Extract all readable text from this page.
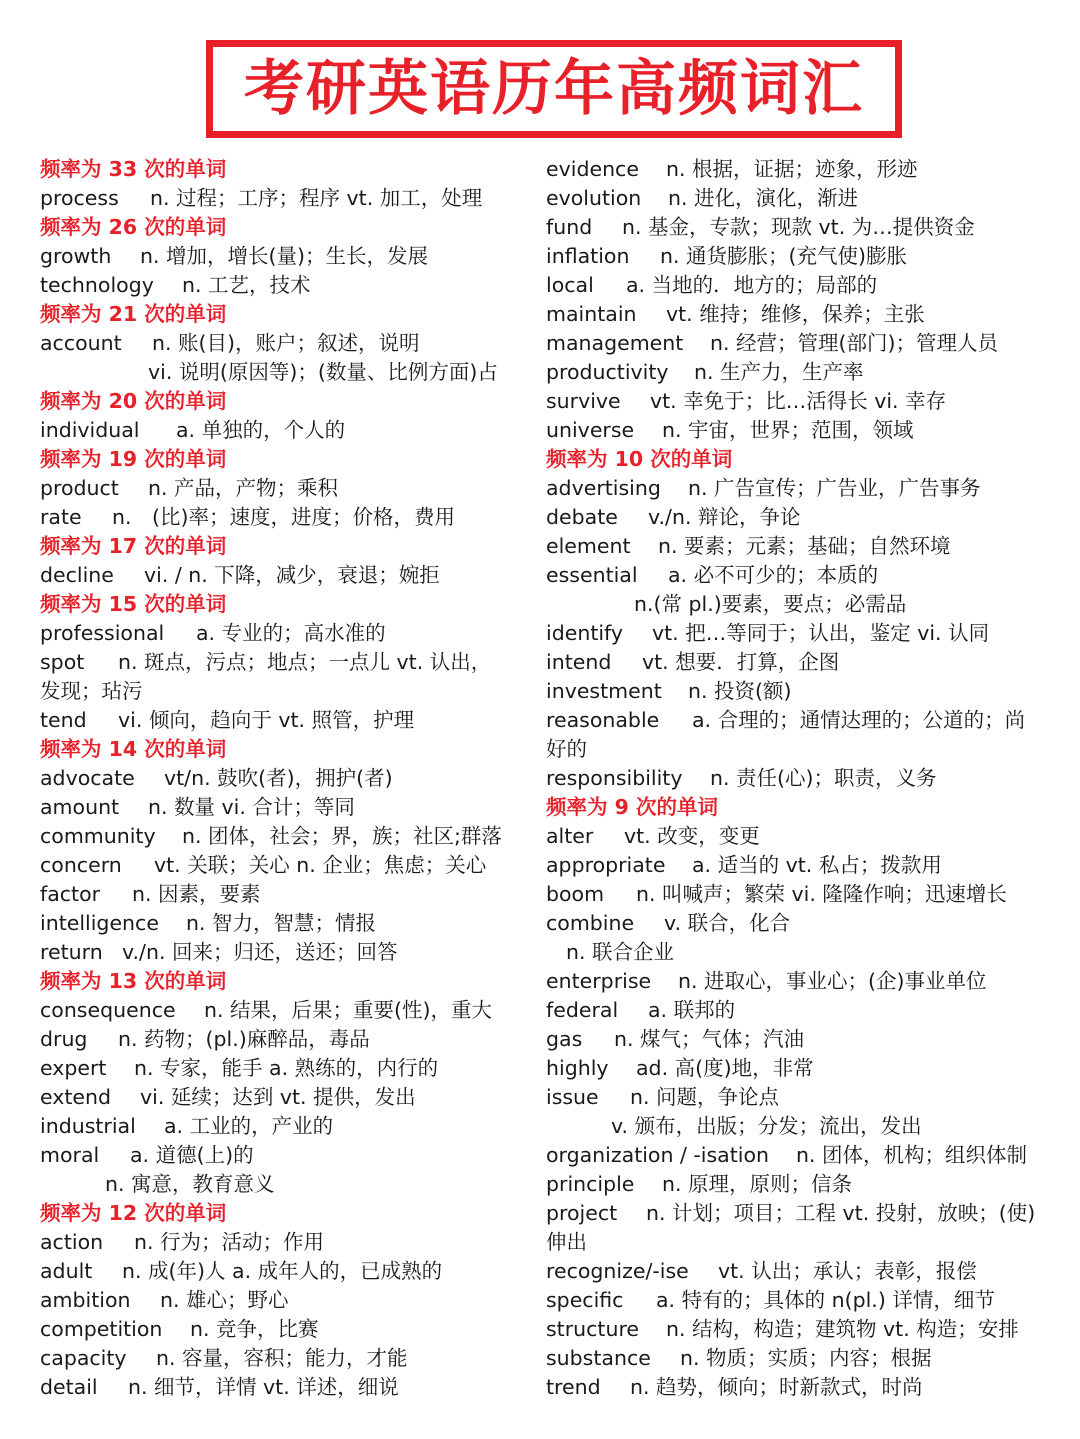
考研英语历年高频词汇
频率为 33 次的单词
process n. 过程；工序；程序 vt. 加工，处理
频率为 26 次的单词
growth n. 增加，增长(量)；生长，发展
technology n. 工艺，技术
频率为 21 次的单词
account n. 账(目)，账户；叙述，说明
vi. 说明(原因等)；(数量、比例方面)占
频率为 20 次的单词
individual a. 单独的，个人的
频率为 19 次的单词
product n. 产品，产物；乘积
rate n.　(比)率；速度，进度；价格，费用
频率为 17 次的单词
decline vi. / n. 下降，减少，衰退；婉拒
频率为 15 次的单词
professional a. 专业的；高水准的
spot n. 斑点，污点；地点；一点儿 vt. 认出，
发现；玷污
tend vi. 倾向，趋向于 vt. 照管，护理
频率为 14 次的单词
advocate vt/n. 鼓吹(者)，拥护(者)
amount n. 数量 vi. 合计；等同
community n. 团体，社会；界，族；社区;群落
concern vt. 关联；关心 n. 企业；焦虑；关心
factor n. 因素，要素
intelligence n. 智力，智慧；情报
return v./n. 回来；归还，送还；回答
频率为 13 次的单词
consequence n. 结果，后果；重要(性)，重大
drug n. 药物；(pl.)麻醉品，毒品
expert n. 专家，能手 a. 熟练的，内行的
extend vi. 延续；达到 vt. 提供，发出
industrial a. 工业的，产业的
moral a. 道德(上)的
n. 寓意，教育意义
频率为 12 次的单词
action n. 行为；活动；作用
adult n. 成(年)人 a. 成年人的，已成熟的
ambition n. 雄心；野心
competition n. 竞争，比赛
capacity n. 容量，容积；能力，才能
detail n. 细节，详情 vt. 详述，细说
evidence n. 根据，证据；迹象，形迹
evolution n. 进化，演化，渐进
fund n. 基金，专款；现款 vt. 为…提供资金
inflation n. 通货膨胀；(充气使)膨胀
local a. 当地的．地方的；局部的
maintain vt. 维持；维修，保养；主张
management n. 经营；管理(部门)；管理人员
productivity n. 生产力，生产率
survive vt. 幸免于；比…活得长 vi. 幸存
universe n. 宇宙，世界；范围，领域
频率为 10 次的单词
advertising n. 广告宣传；广告业，广告事务
debate v./n. 辩论，争论
element n. 要素；元素；基础；自然环境
essential a. 必不可少的；本质的
n.(常 pl.)要素，要点；必需品
identify vt. 把…等同于；认出，鉴定 vi. 认同
intend vt. 想要．打算，企图
investment n. 投资(额)
reasonable a. 合理的；通情达理的；公道的；尚
好的
responsibility n. 责任(心)；职责，义务
频率为 9 次的单词
alter vt. 改变，变更
appropriate a. 适当的 vt. 私占；拨款用
boom n. 叫喊声；繁荣 vi. 隆隆作响；迅速增长
combine v. 联合，化合
n. 联合企业
enterprise n. 进取心，事业心；(企)事业单位
federal a. 联邦的
gas n. 煤气；气体；汽油
highly ad. 高(度)地，非常
issue n. 问题，争论点
v. 颁布，出版；分发；流出，发出
organization / -isation n. 团体，机构；组织体制
principle n. 原理，原则；信条
project n. 计划；项目；工程 vt. 投射，放映；(使)
伸出
recognize/-ise vt. 认出；承认；表彰，报偿
specific a. 特有的；具体的 n(pl.) 详情，细节
structure n. 结构，构造；建筑物 vt. 构造；安排
substance n. 物质；实质；内容；根据
trend n. 趋势，倾向；时新款式，时尚
